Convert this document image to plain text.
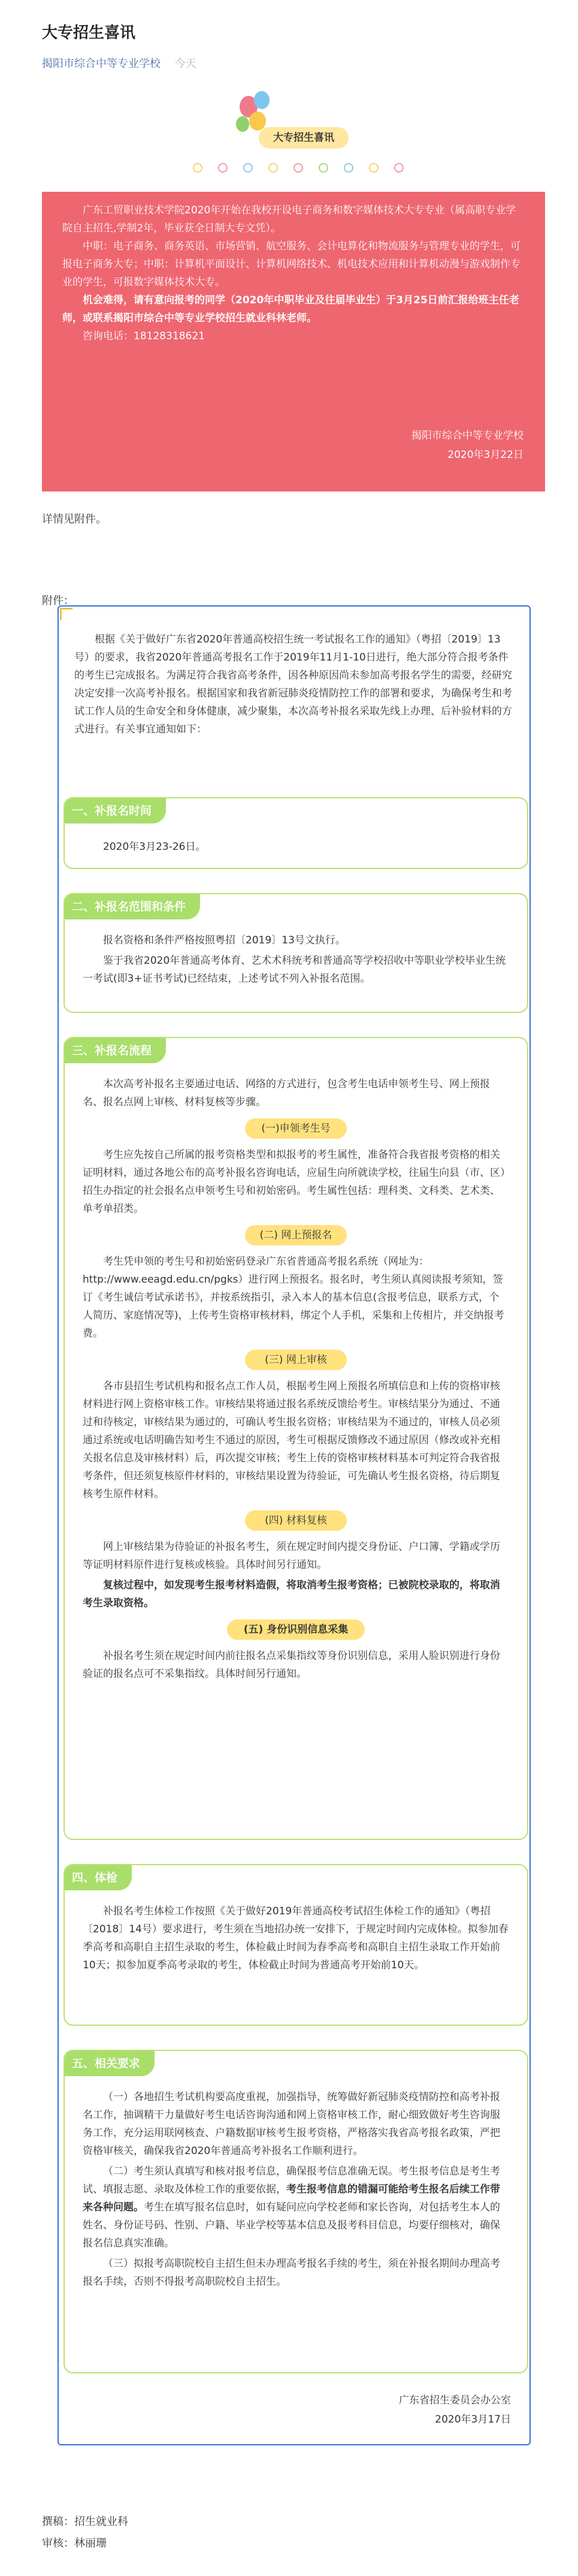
大专招生喜讯
揭阳市综合中等专业学校 今天
大专招生喜讯

广东工贸职业技术学院2020年开始在我校开设电子商务和数字媒体技术大专专业（属高职专业学院自主招生,学制2年，毕业获全日制大专文凭）。

中职：电子商务、商务英语、市场营销、航空服务、会计电算化和物流服务与管理专业的学生，可报电子商务大专；中职：计算机平面设计、计算机网络技术、机电技术应用和计算机动漫与游戏制作专业的学生，可报数字媒体技术大专。

机会难得，请有意向报考的同学（2020年中职毕业及往届毕业生）于3月25日前汇报给班主任老师，或联系揭阳市综合中等专业学校招生就业科林老师。

咨询电话：18128318621

揭阳市综合中等专业学校

2020年3月22日

详情见附件。
附件：
根据《关于做好广东省2020年普通高校招生统一考试报名工作的通知》（粤招〔2019〕13号）的要求，我省2020年普通高考报名工作于2019年11月1-10日进行，绝大部分符合报考条件的考生已完成报名。为满足符合我省高考条件，因各种原因尚未参加高考报名学生的需要，经研究决定安排一次高考补报名。根据国家和我省新冠肺炎疫情防控工作的部署和要求，为确保考生和考试工作人员的生命安全和身体健康，减少聚集，本次高考补报名采取先线上办理、后补验材料的方式进行。有关事宜通知如下：
一、补报名时间

2020年3月23-26日。

二、补报名范围和条件

报名资格和条件严格按照粤招〔2019〕13号文执行。

鉴于我省2020年普通高考体育、艺术术科统考和普通高等学校招收中等职业学校毕业生统一考试(即3+证书考试)已经结束，上述考试不列入补报名范围。

三、补报名流程

本次高考补报名主要通过电话、网络的方式进行，包含考生电话申领考生号、网上预报名、报名点网上审核、材料复核等步骤。

(一)申领考生号

考生应先按自己所属的报考资格类型和拟报考的考生属性，准备符合我省报考资格的相关证明材料，通过各地公布的高考补报名咨询电话，应届生向所就读学校，往届生向县（市、区）招生办指定的社会报名点申领考生号和初始密码。考生属性包括：理科类、文科类、艺术类、单考单招类。

(二) 网上预报名

考生凭申领的考生号和初始密码登录广东省普通高考报名系统（网址为：http://www.eeagd.edu.cn/pgks）进行网上预报名。报名时，考生须认真阅读报考须知，签订《考生诚信考试承诺书》，并按系统指引，录入本人的基本信息(含报考信息，联系方式，个人简历、家庭情况等)，上传考生资格审核材料，绑定个人手机，采集和上传相片，并交纳报考费。

(三) 网上审核

各市县招生考试机构和报名点工作人员，根据考生网上预报名所填信息和上传的资格审核材料进行网上资格审核工作。审核结果将通过报名系统反馈给考生。审核结果分为通过、不通过和待核定，审核结果为通过的，可确认考生报名资格；审核结果为不通过的，审核人员必须通过系统或电话明确告知考生不通过的原因，考生可根据反馈修改不通过原因（修改或补充相关报名信息及审核材料）后，再次提交审核；考生上传的资格审核材料基本可判定符合我省报考条件，但还须复核原件材料的，审核结果设置为待验证，可先确认考生报名资格，待后期复核考生原件材料。

(四) 材料复核

网上审核结果为待验证的补报名考生，须在规定时间内提交身份证、户口簿、学籍或学历等证明材料原件进行复核或核验。具体时间另行通知。

复核过程中，如发现考生报考材料造假，将取消考生报考资格；已被院校录取的，将取消考生录取资格。

(五) 身份识别信息采集

补报名考生须在规定时间内前往报名点采集指纹等身份识别信息，采用人脸识别进行身份验证的报名点可不采集指纹。具体时间另行通知。

四、体检

补报名考生体检工作按照《关于做好2019年普通高校考试招生体检工作的通知》（粤招〔2018〕14号）要求进行，考生须在当地招办统一安排下，于规定时间内完成体检。拟参加春季高考和高职自主招生录取的考生，体检截止时间为春季高考和高职自主招生录取工作开始前10天；拟参加夏季高考录取的考生，体检截止时间为普通高考开始前10天。

五、相关要求

（一）各地招生考试机构要高度重视，加强指导，统筹做好新冠肺炎疫情防控和高考补报名工作，抽调精干力量做好考生电话咨询沟通和网上资格审核工作，耐心细致做好考生咨询服务工作，充分运用联网核查、户籍数据审核考生报考资格，严格落实我省高考报名政策，严把资格审核关，确保我省2020年普通高考补报名工作顺利进行。

（二）考生须认真填写和核对报考信息，确保报考信息准确无误。考生报考信息是考生考试、填报志愿、录取及体检工作的重要依据，考生报考信息的错漏可能给考生报名后续工作带来各种问题。考生在填写报名信息时，如有疑问应向学校老师和家长咨询，对包括考生本人的姓名、身份证号码、性别、户籍、毕业学校等基本信息及报考科目信息，均要仔细核对，确保报名信息真实准确。

（三）拟报考高职院校自主招生但未办理高考报名手续的考生，须在补报名期间办理高考报名手续，否则不得报考高职院校自主招生。

广东省招生委员会办公室
2020年3月17日
撰稿：招生就业科
审核：林丽珊
